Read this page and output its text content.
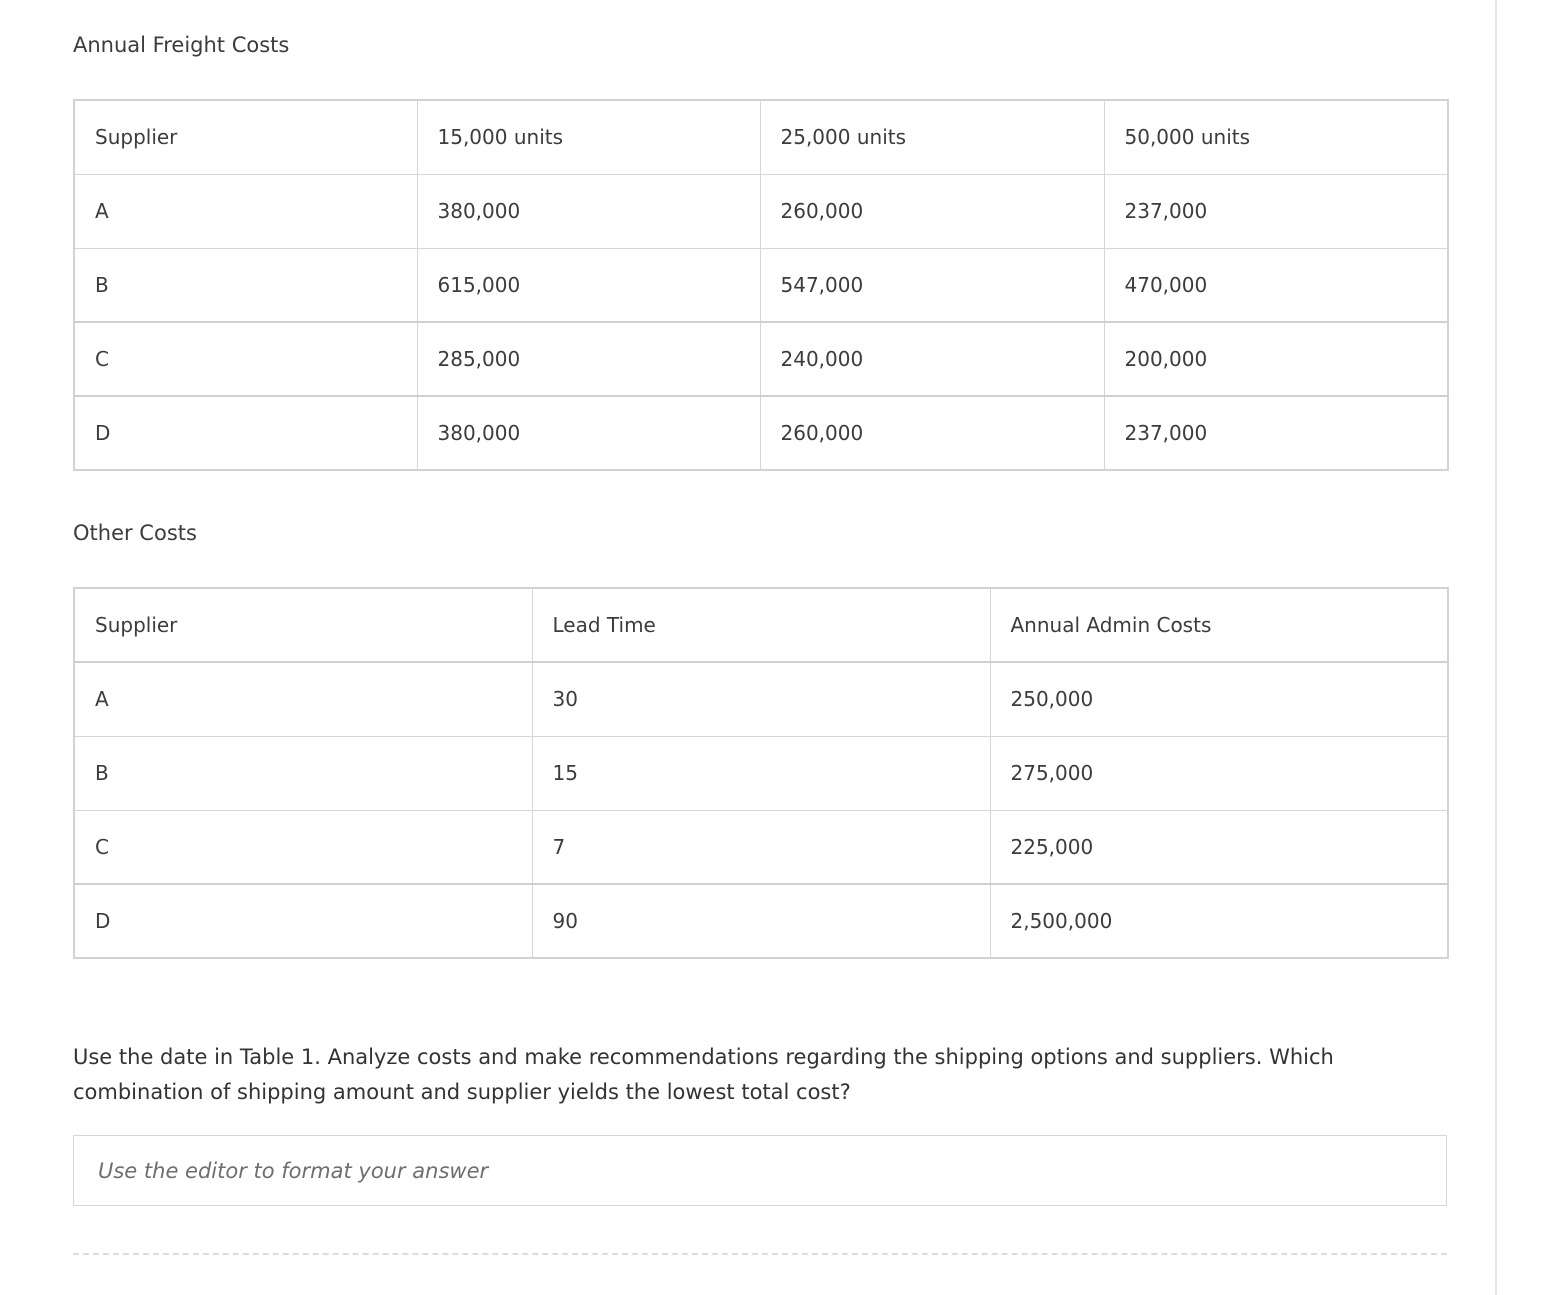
Annual Freight Costs
Supplier	15,000 units	25,000 units	50,000 units
A	380,000	260,000	237,000
B	615,000	547,000	470,000
C	285,000	240,000	200,000
D	380,000	260,000	237,000
Other Costs
Supplier	Lead Time	Annual Admin Costs
A	30	250,000
B	15	275,000
C	7	225,000
D	90	2,500,000

Use the date in Table 1. Analyze costs and make recommendations regarding the shipping options and suppliers. Which combination of shipping amount and supplier yields the lowest total cost?

Use the editor to format your answer
